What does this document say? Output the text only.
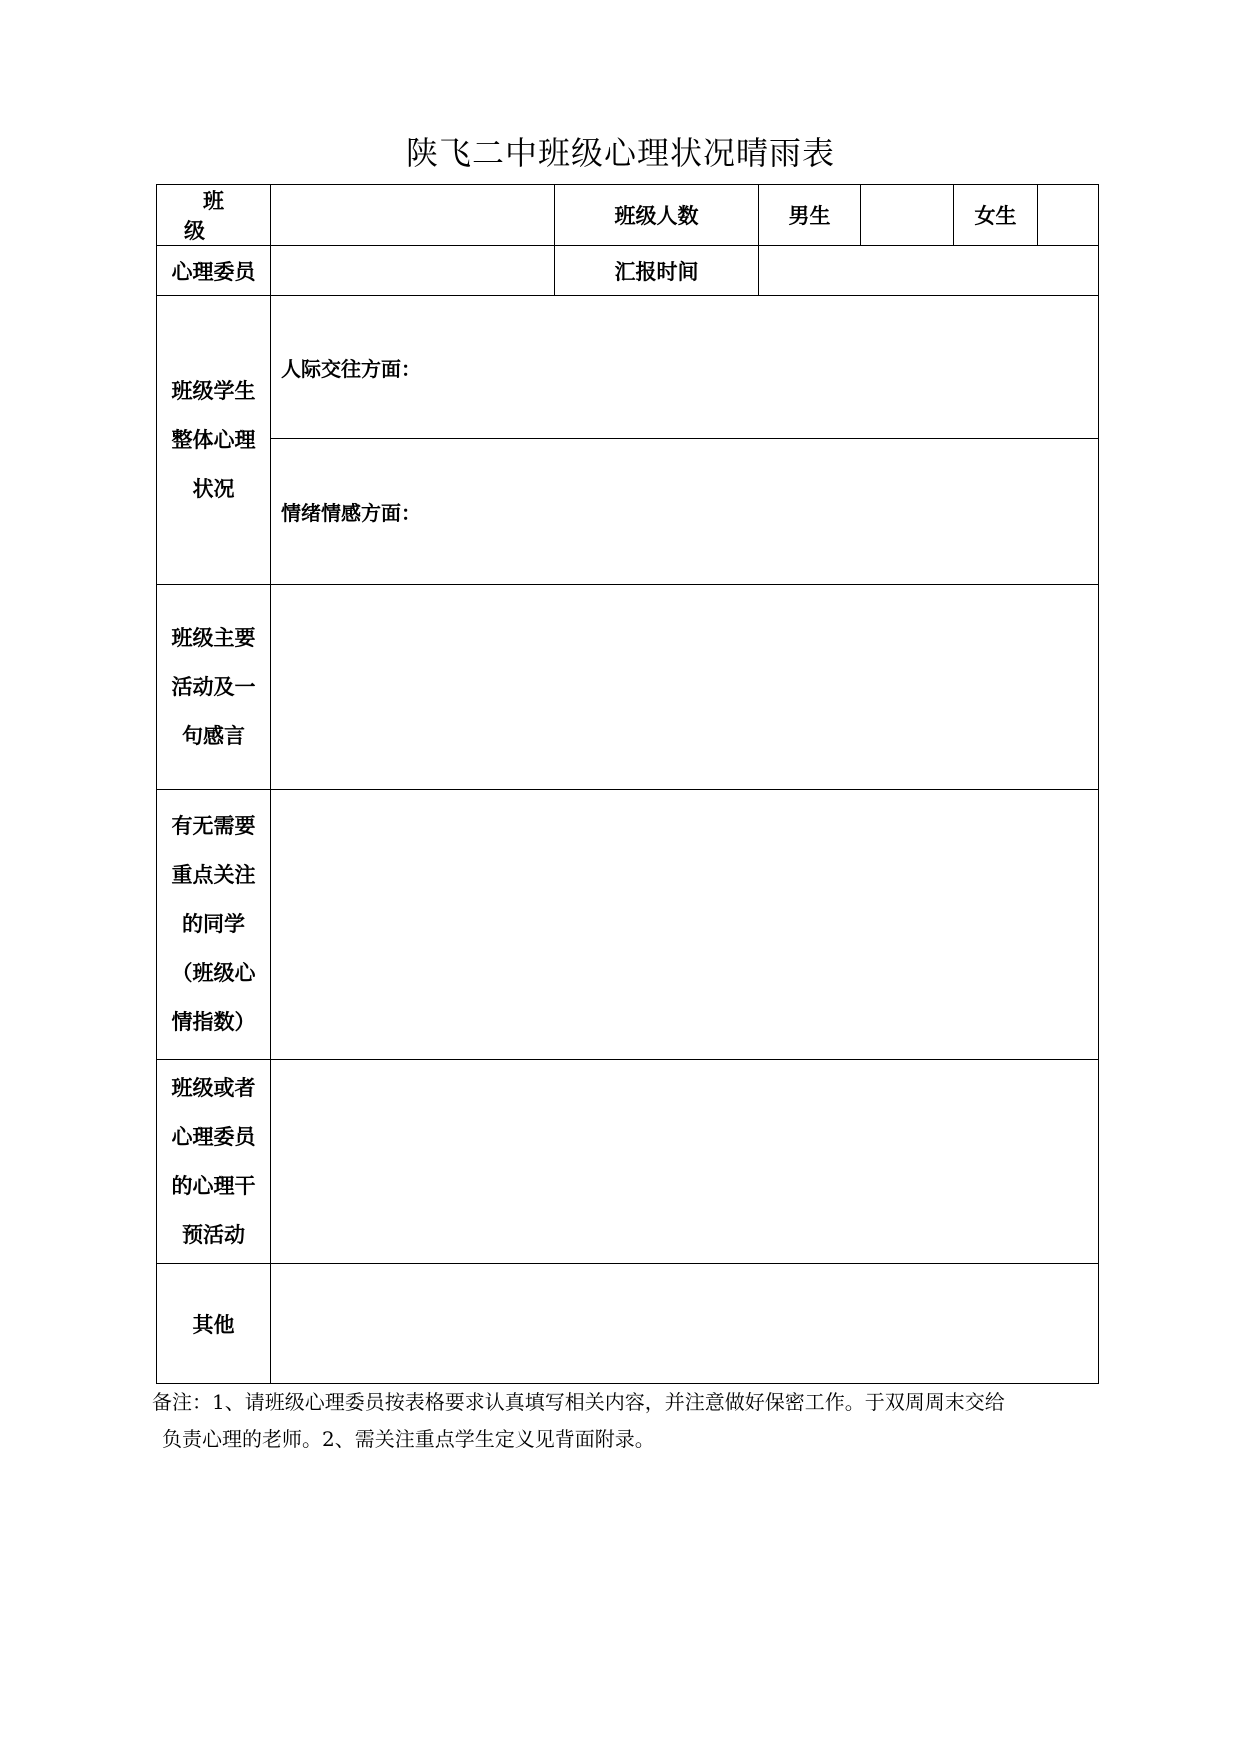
陕飞二中班级心理状况晴雨表
班 级		班级人数	男生		女生	
心理委员		汇报时间				

班级学生
整体心理
状况	人际交往方面：					
	情绪情感方面：					

班级主要
活动及一
句感言						

有无需要
重点关注
的同学
（班级心
情指数）						

班级或者
心理委员
的心理干
预活动						

其他						
备注：1、请班级心理委员按表格要求认真填写相关内容，并注意做好保密工作。于双周周末交给
负责心理的老师。2、需关注重点学生定义见背面附录。
